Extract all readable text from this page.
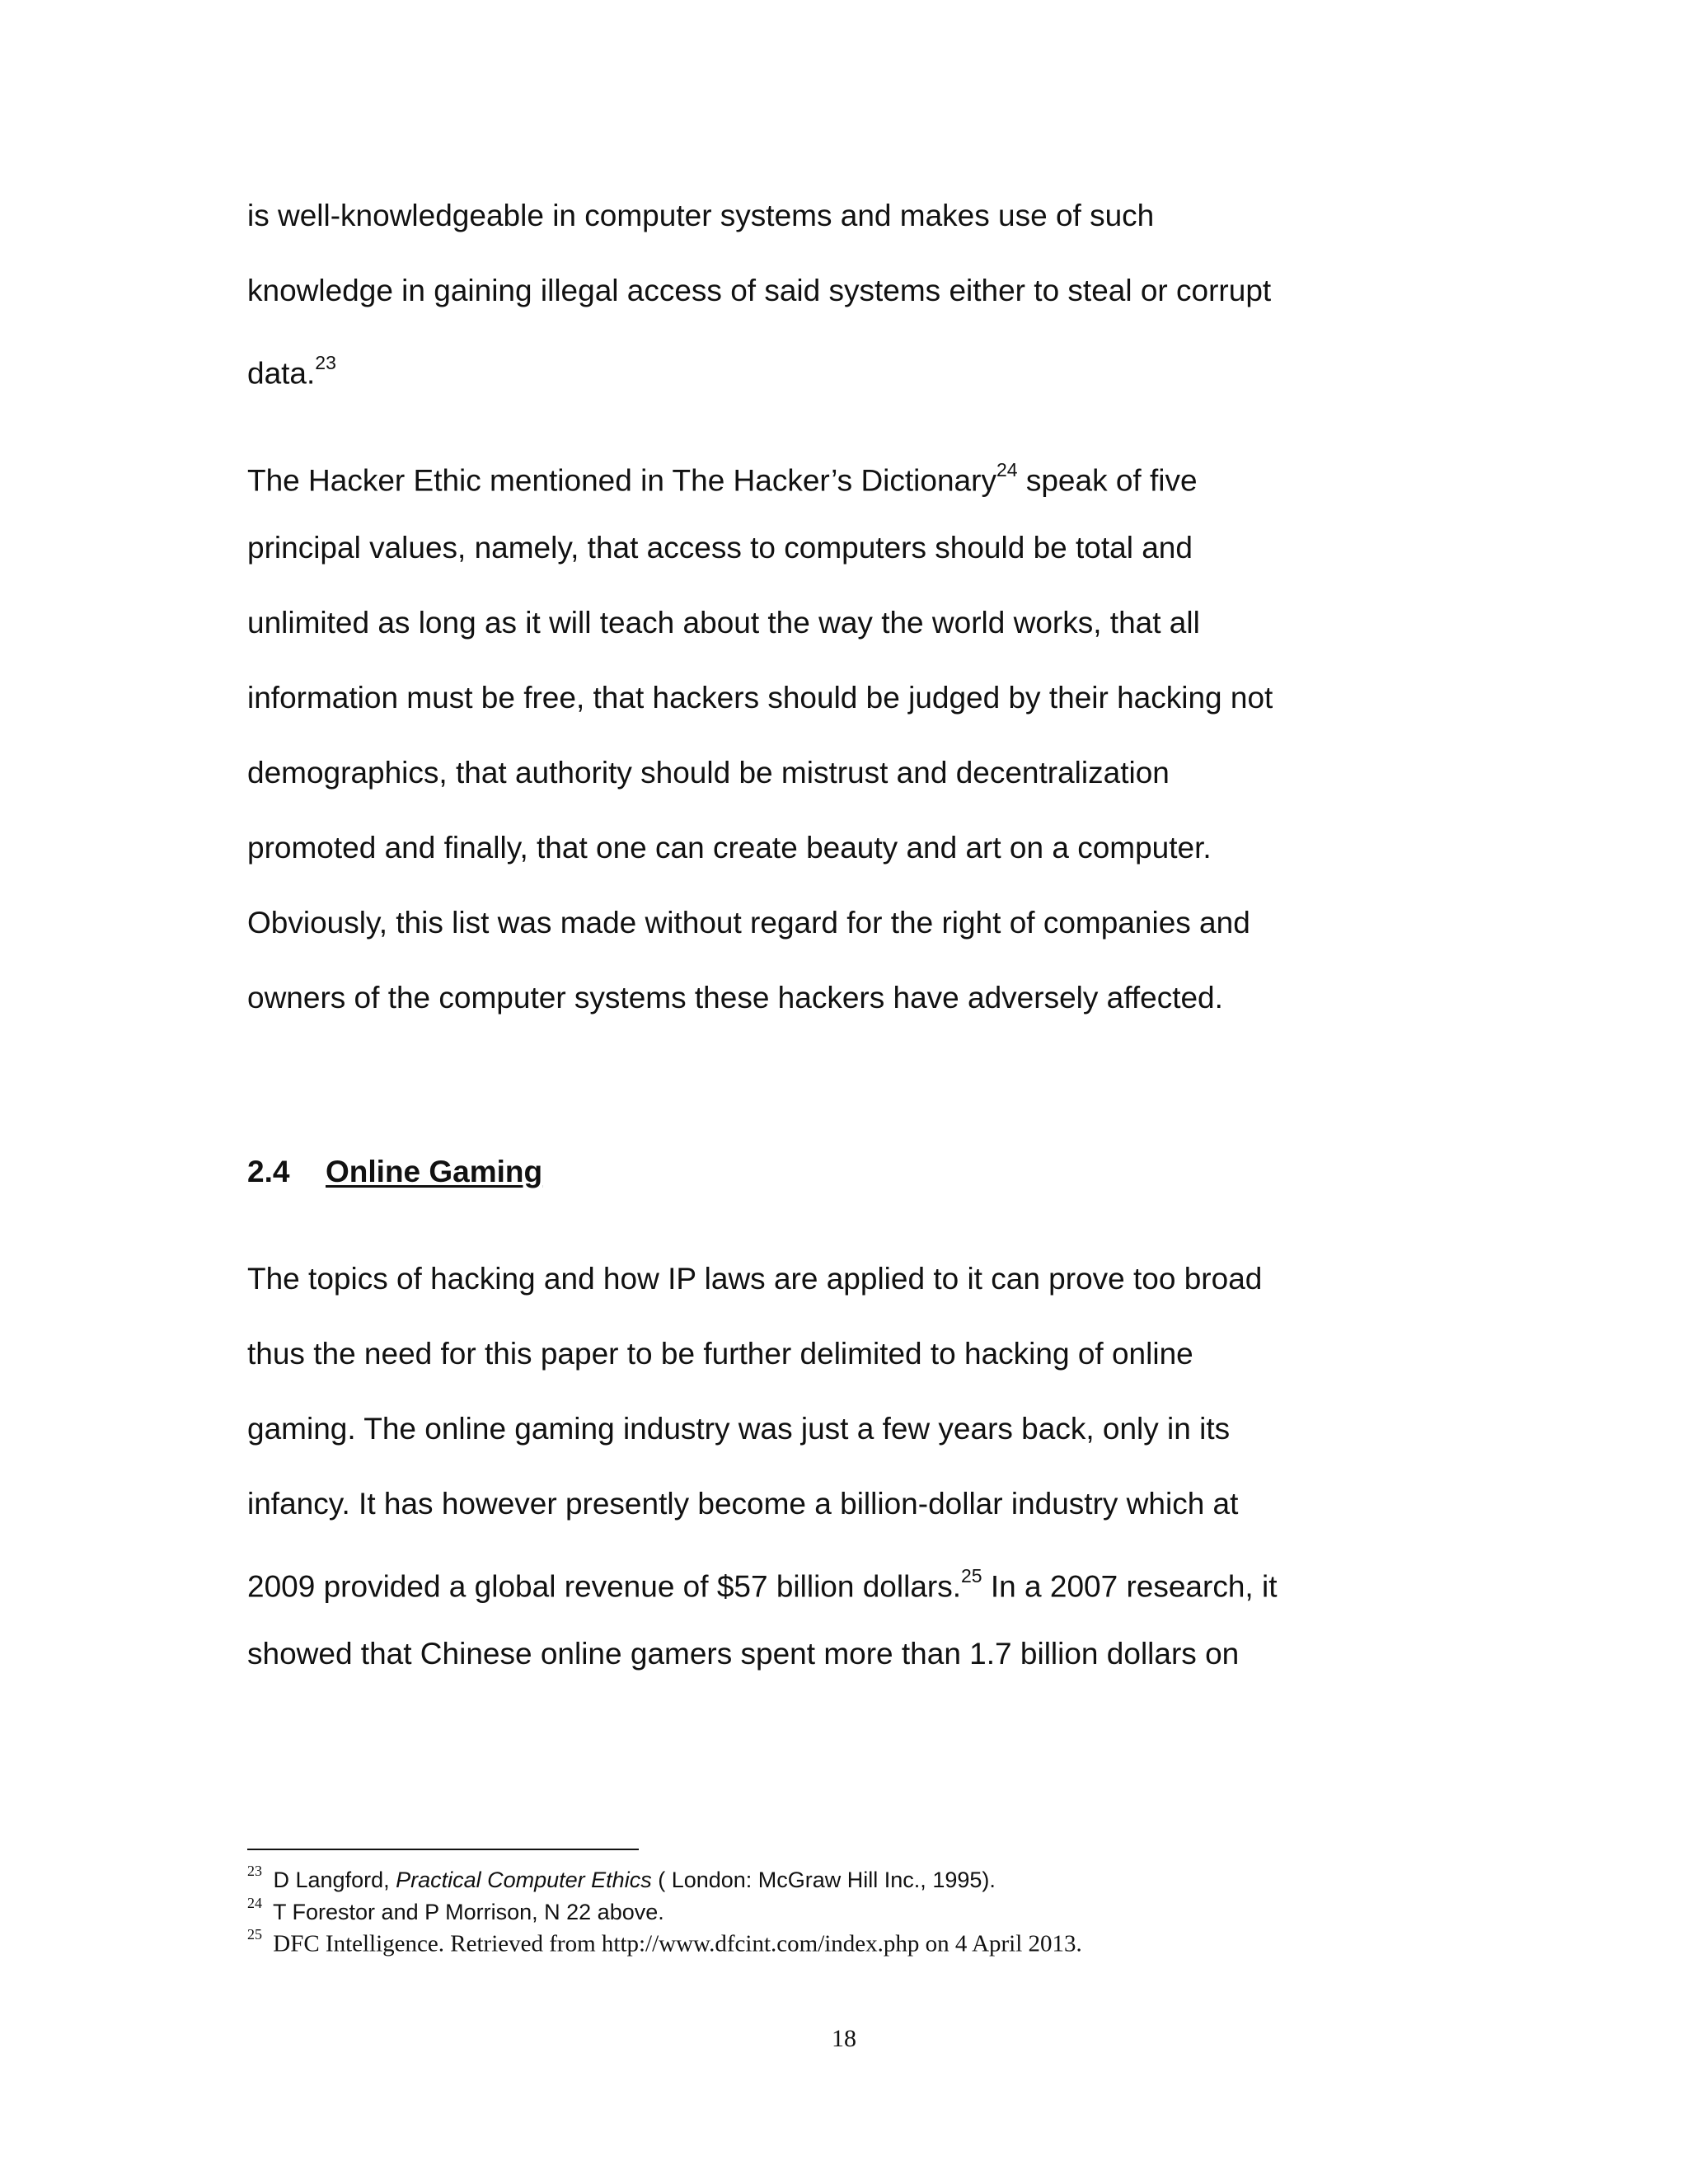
is well-knowledgeable in computer systems and makes use of such
knowledge in gaining illegal access of said systems either to steal or corrupt
data.$^{23}$
The Hacker Ethic mentioned in The Hacker’s Dictionary$^{24}$ speak of five
principal values, namely, that access to computers should be total and
unlimited as long as it will teach about the way the world works, that all
information must be free, that hackers should be judged by their hacking not
demographics, that authority should be mistrust and decentralization
promoted and finally, that one can create beauty and art on a computer.
Obviously, this list was made without regard for the right of companies and
owners of the computer systems these hackers have adversely affected.
2.4 Online Gaming
The topics of hacking and how IP laws are applied to it can prove too broad
thus the need for this paper to be further delimited to hacking of online
gaming. The online gaming industry was just a few years back, only in its
infancy. It has however presently become a billion-dollar industry which at
2009 provided a global revenue of $57 billion dollars.$^{25}$ In a 2007 research, it
showed that Chinese online gamers spent more than 1.7 billion dollars on
$^{23}$ D Langford, Practical Computer Ethics ( London: McGraw Hill Inc., 1995).
$^{24}$ T Forestor and P Morrison, N 22 above.
$^{25}$ DFC Intelligence. Retrieved from http://www.dfcint.com/index.php on 4 April 2013.
18
